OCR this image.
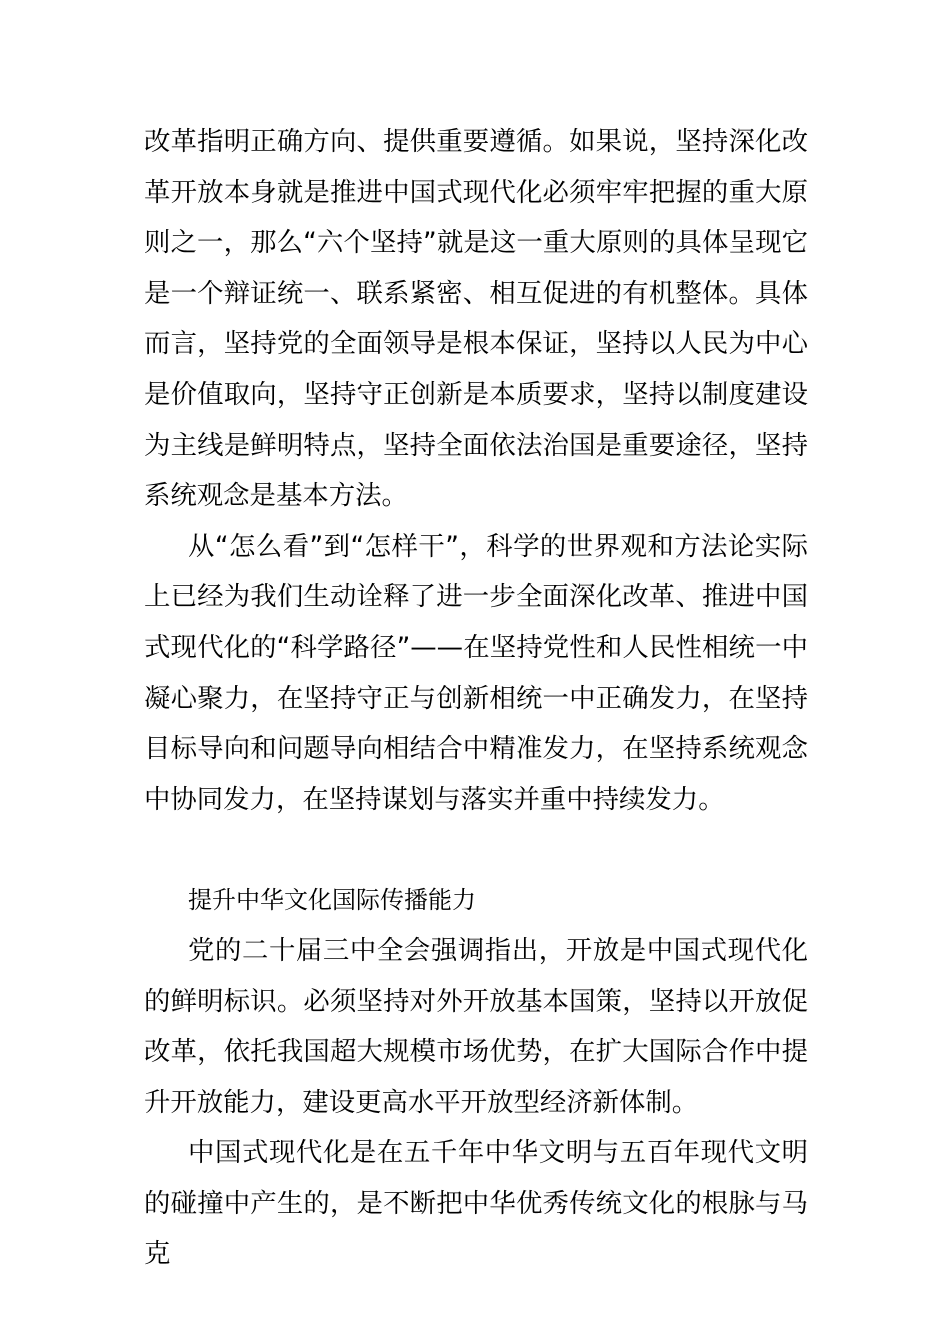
改革指明正确方向、提供重要遵循。如果说，坚持深化改革开放本身就是推进中国式现代化必须牢牢把握的重大原则之一，那么“六个坚持”就是这一重大原则的具体呈现它是一个辩证统一、联系紧密、相互促进的有机整体。具体而言，坚持党的全面领导是根本保证，坚持以人民为中心是价值取向，坚持守正创新是本质要求，坚持以制度建设为主线是鲜明特点，坚持全面依法治国是重要途径，坚持系统观念是基本方法。

从“怎么看”到“怎样干”，科学的世界观和方法论实际上已经为我们生动诠释了进一步全面深化改革、推进中国式现代化的“科学路径”——在坚持党性和人民性相统一中凝心聚力，在坚持守正与创新相统一中正确发力，在坚持目标导向和问题导向相结合中精准发力，在坚持系统观念中协同发力，在坚持谋划与落实并重中持续发力。

提升中华文化国际传播能力

党的二十届三中全会强调指出，开放是中国式现代化的鲜明标识。必须坚持对外开放基本国策，坚持以开放促改革，依托我国超大规模市场优势，在扩大国际合作中提升开放能力，建设更高水平开放型经济新体制。

中国式现代化是在五千年中华文明与五百年现代文明的碰撞中产生的，是不断把中华优秀传统文化的根脉与马克
